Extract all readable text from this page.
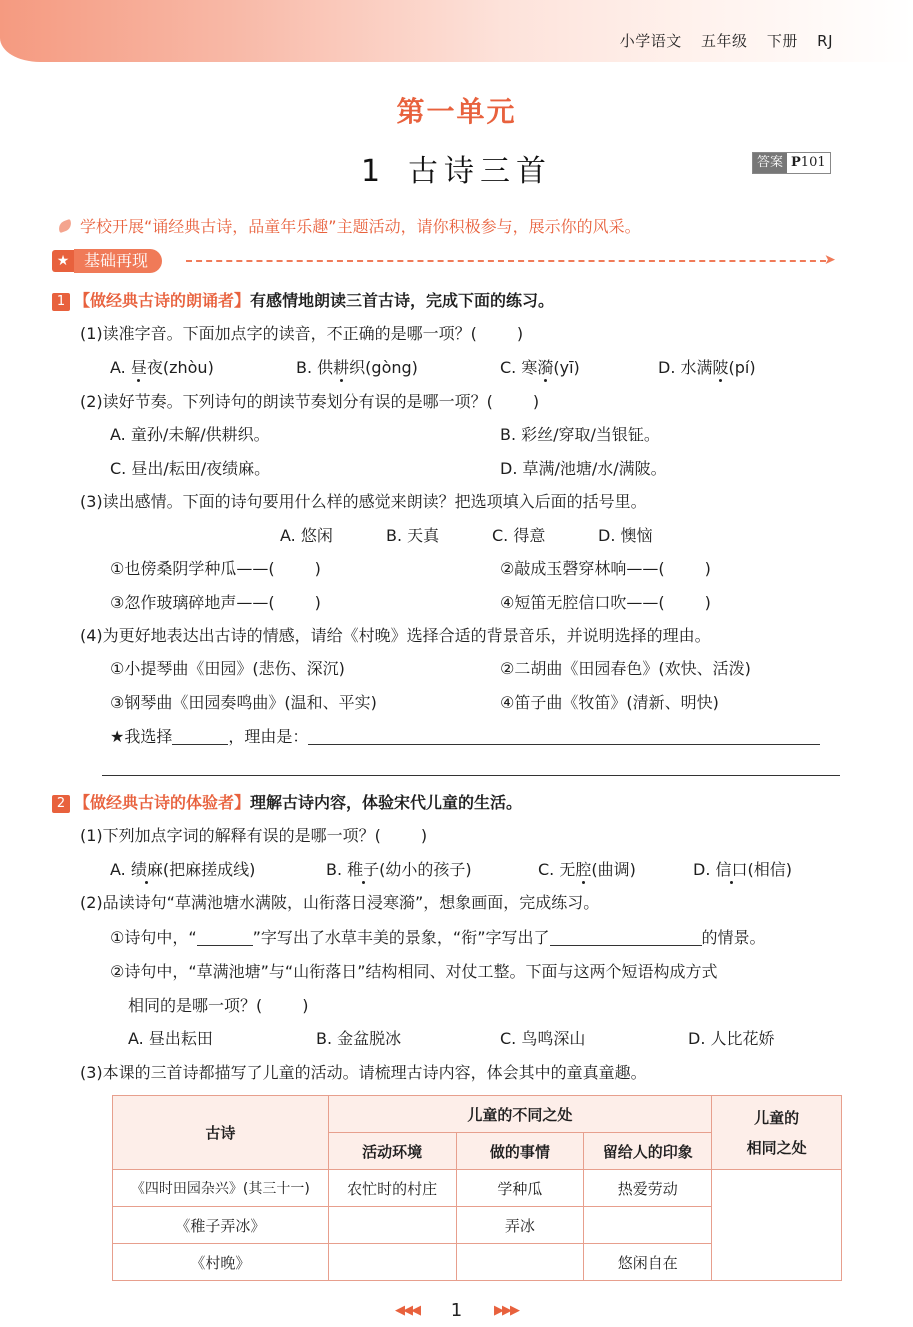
小学语文 五年级 下册 RJ
第一单元
1 古诗三首	答案 P101
学校开展“诵经典古诗，品童年乐趣”主题活动，请你积极参与，展示你的风采。
★ 基础再现	➤
1 【做经典古诗的朗诵者】有感情地朗读三首古诗，完成下面的练习。
(1)读准字音。下面加点字的读音，不正确的是哪一项？(	)
A. 昼夜(zhòu)	B. 供耕织(gòng)	C. 寒漪(yī)	D. 水满陂(pí)
(2)读好节奏。下列诗句的朗读节奏划分有误的是哪一项？(	)
A. 童孙/未解/供耕织。	B. 彩丝/穿取/当银钲。
C. 昼出/耘田/夜绩麻。	D. 草满/池塘/水/满陂。
(3)读出感情。下面的诗句要用什么样的感觉来朗读？把选项填入后面的括号里。
A. 悠闲	B. 天真	C. 得意	D. 懊恼
①也傍桑阴学种瓜——(	)	②敲成玉磬穿林响——(	)
③忽作玻璃碎地声——(	)	④短笛无腔信口吹——(	)
(4)为更好地表达出古诗的情感，请给《村晚》选择合适的背景音乐，并说明选择的理由。
①小提琴曲《田园》(悲伤、深沉)	②二胡曲《田园春色》(欢快、活泼)
③钢琴曲《田园奏鸣曲》(温和、平实)	④笛子曲《牧笛》(清新、明快)
★我选择	，理由是：
2 【做经典古诗的体验者】理解古诗内容，体验宋代儿童的生活。
(1)下列加点字词的解释有误的是哪一项？(	)
A. 绩麻(把麻搓成线)	B. 稚子(幼小的孩子)	C. 无腔(曲调)	D. 信口(相信)
(2)品读诗句“草满池塘水满陂，山衔落日浸寒漪”，想象画面，完成练习。
①诗句中，“	”字写出了水草丰美的景象，“衔”字写出了	的情景。
②诗句中，“草满池塘”与“山衔落日”结构相同、对仗工整。下面与这两个短语构成方式
相同的是哪一项？(	)
A. 昼出耘田	B. 金盆脱冰	C. 鸟鸣深山	D. 人比花娇
(3)本课的三首诗都描写了儿童的活动。请梳理古诗内容，体会其中的童真童趣。
古诗	儿童的不同之处			儿童的
相同之处

	活动环境	做的事情	留给人的印象	
《四时田园杂兴》(其三十一)	农忙时的村庄	学种瓜	热爱劳动	
《稚子弄冰》		弄冰		
《村晚》			悠闲自在	
◀◀◀ 1 ▶▶▶
